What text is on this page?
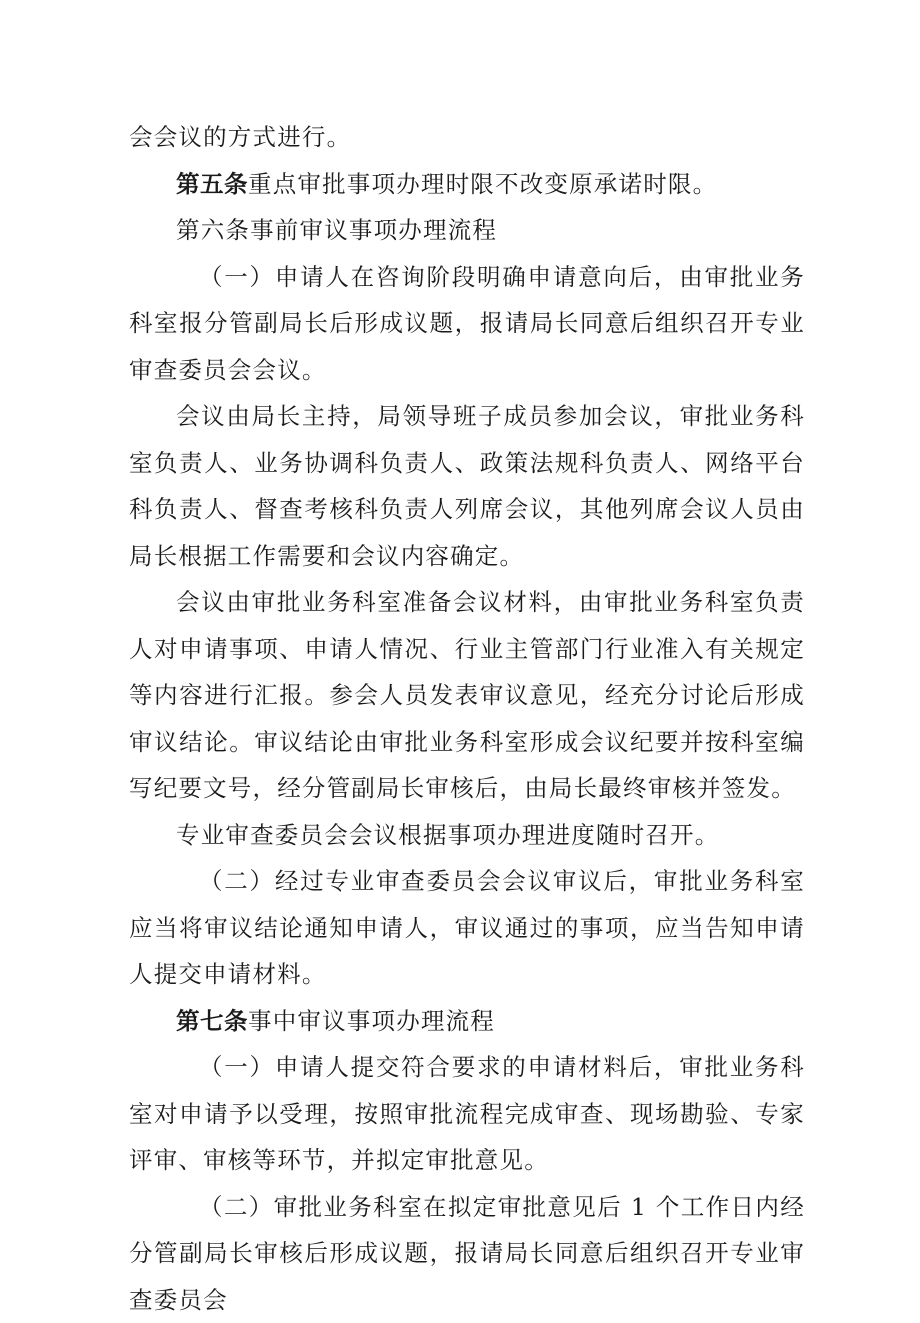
会会议的方式进行。

第五条重点审批事项办理时限不改变原承诺时限。

第六条事前审议事项办理流程

（一）申请人在咨询阶段明确申请意向后，由审批业务科室报分管副局长后形成议题，报请局长同意后组织召开专业审查委员会会议。

会议由局长主持，局领导班子成员参加会议，审批业务科室负责人、业务协调科负责人、政策法规科负责人、网络平台科负责人、督查考核科负责人列席会议，其他列席会议人员由局长根据工作需要和会议内容确定。

会议由审批业务科室准备会议材料，由审批业务科室负责人对申请事项、申请人情况、行业主管部门行业准入有关规定等内容进行汇报。参会人员发表审议意见，经充分讨论后形成审议结论。审议结论由审批业务科室形成会议纪要并按科室编写纪要文号，经分管副局长审核后，由局长最终审核并签发。

专业审查委员会会议根据事项办理进度随时召开。

（二）经过专业审查委员会会议审议后，审批业务科室应当将审议结论通知申请人，审议通过的事项，应当告知申请人提交申请材料。

第七条事中审议事项办理流程

（一）申请人提交符合要求的申请材料后，审批业务科室对申请予以受理，按照审批流程完成审查、现场勘验、专家评审、审核等环节，并拟定审批意见。

（二）审批业务科室在拟定审批意见后 1 个工作日内经分管副局长审核后形成议题，报请局长同意后组织召开专业审查委员会
